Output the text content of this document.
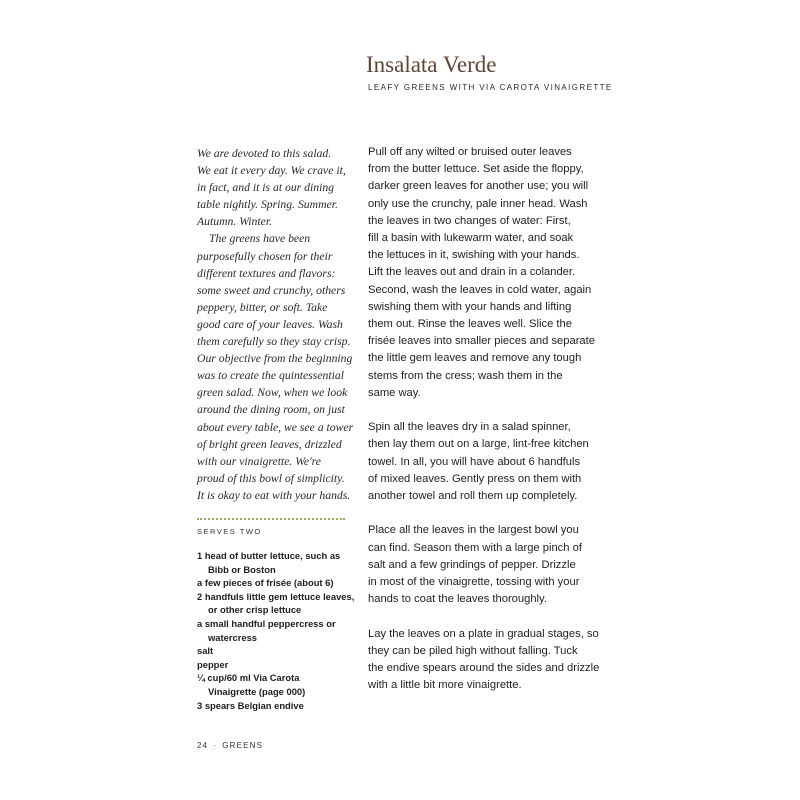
Insalata Verde
LEAFY GREENS WITH VIA CAROTA VINAIGRETTE

We are devoted to this salad.

We eat it every day. We crave it,

in fact, and it is at our dining

table nightly. Spring. Summer.

Autumn. Winter.

The greens have been

purposefully chosen for their

different textures and flavors:

some sweet and crunchy, others

peppery, bitter, or soft. Take

good care of your leaves. Wash

them carefully so they stay crisp.

Our objective from the beginning

was to create the quintessential

green salad. Now, when we look

around the dining room, on just

about every table, we see a tower

of bright green leaves, drizzled

with our vinaigrette. We're

proud of this bowl of simplicity.

It is okay to eat with your hands.

SERVES TWO
1 head of butter lettuce, such as
Bibb or Boston
a few pieces of frisée (about 6)
2 handfuls little gem lettuce leaves,
or other crisp lettuce
a small handful peppercress or
watercress
salt
pepper
¼ cup/60 ml Via Carota
Vinaigrette (page 000)
3 spears Belgian endive

Pull off any wilted or bruised outer leaves
from the butter lettuce. Set aside the floppy,
darker green leaves for another use; you will
only use the crunchy, pale inner head. Wash
the leaves in two changes of water: First,
fill a basin with lukewarm water, and soak
the lettuces in it, swishing with your hands.
Lift the leaves out and drain in a colander.
Second, wash the leaves in cold water, again
swishing them with your hands and lifting
them out. Rinse the leaves well. Slice the
frisée leaves into smaller pieces and separate
the little gem leaves and remove any tough
stems from the cress; wash them in the
same way.

Spin all the leaves dry in a salad spinner,
then lay them out on a large, lint-free kitchen
towel. In all, you will have about 6 handfuls
of mixed leaves. Gently press on them with
another towel and roll them up completely.

Place all the leaves in the largest bowl you
can find. Season them with a large pinch of
salt and a few grindings of pepper. Drizzle
in most of the vinaigrette, tossing with your
hands to coat the leaves thoroughly.

Lay the leaves on a plate in gradual stages, so
they can be piled high without falling. Tuck
the endive spears around the sides and drizzle
with a little bit more vinaigrette.

24 · GREENS
